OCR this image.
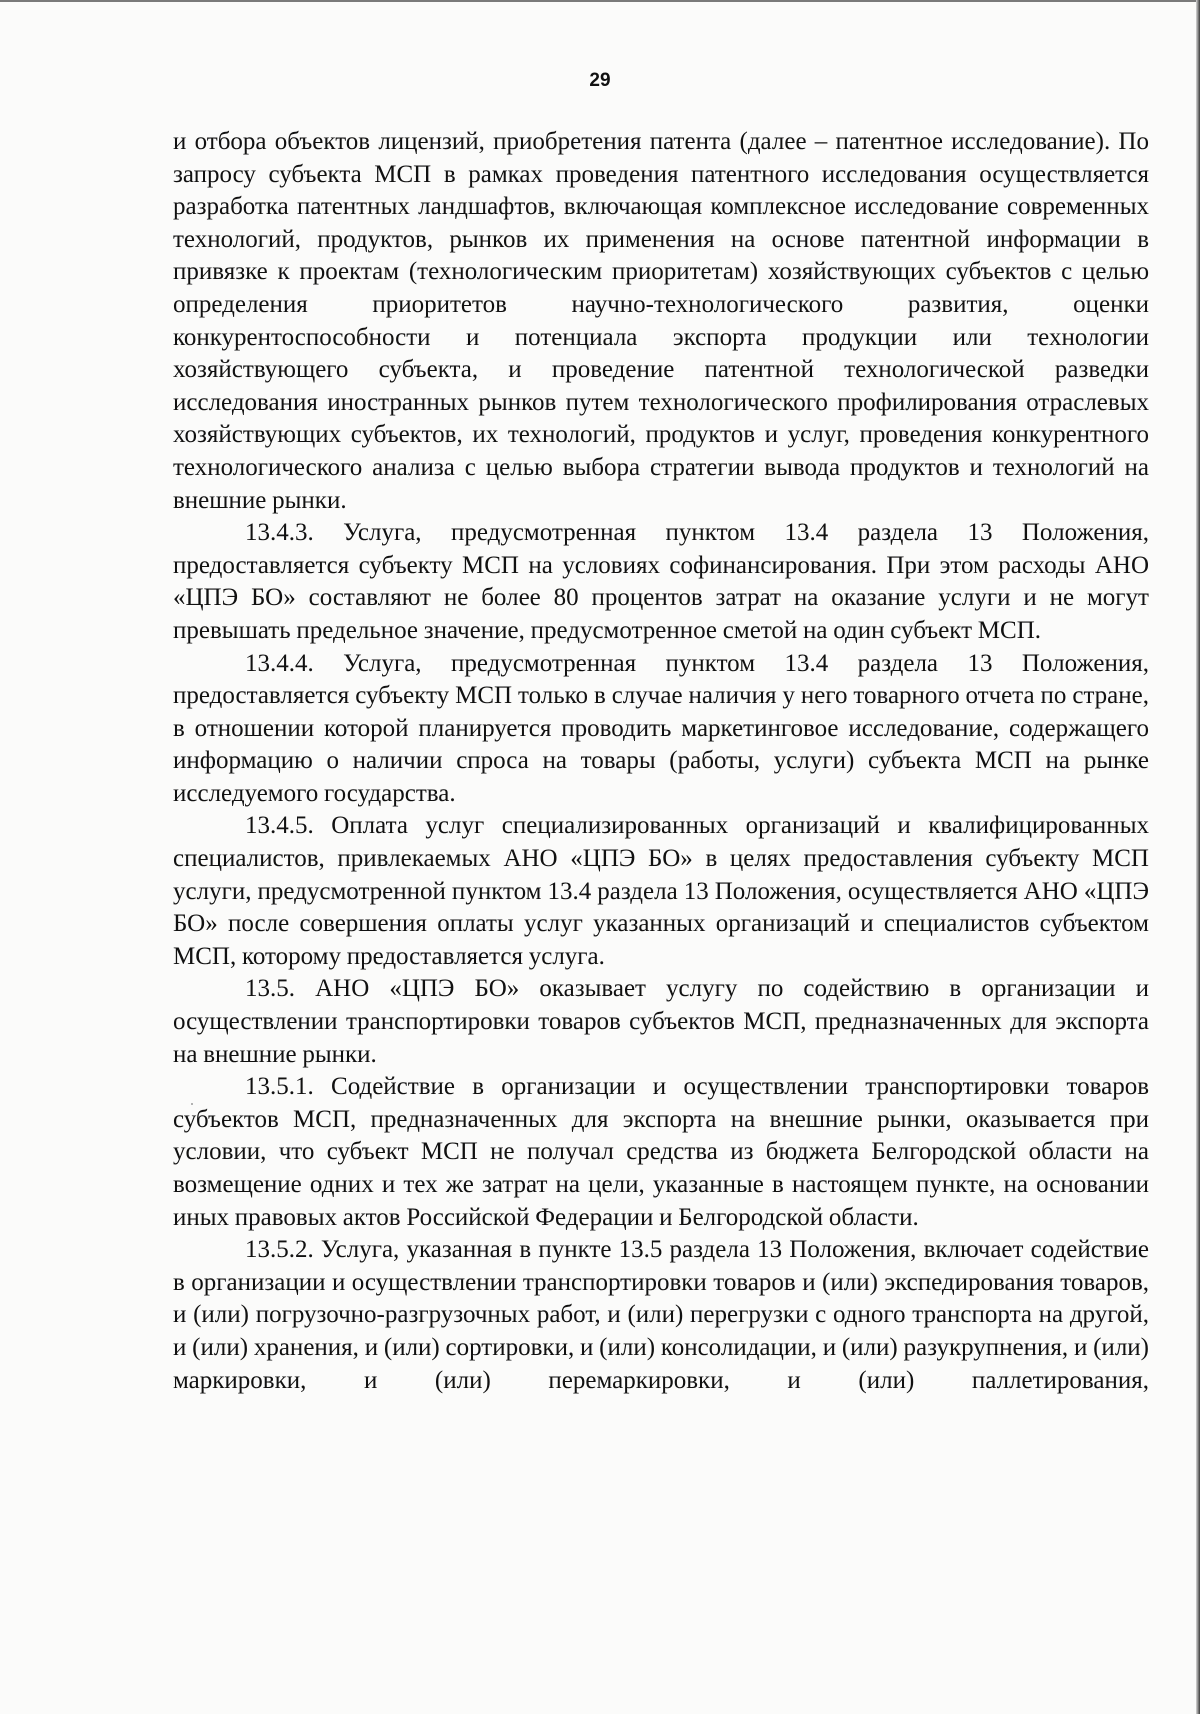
29

и отбора объектов лицензий, приобретения патента (далее – патентное исследование). По запросу субъекта МСП в рамках проведения патентного исследования осуществляется разработка патентных ландшафтов, включающая комплексное исследование современных технологий, продуктов, рынков их применения на основе патентной информации в привязке к проектам (технологическим приоритетам) хозяйствующих субъектов с целью определения приоритетов научно-технологического развития, оценки конкурентоспособности и потенциала экспорта продукции или технологии хозяйствующего субъекта, и проведение патентной технологической разведки исследования иностранных рынков путем технологического профилирования отраслевых хозяйствующих субъектов, их технологий, продуктов и услуг, проведения конкурентного технологического анализа с целью выбора стратегии вывода продуктов и технологий на внешние рынки.

13.4.3. Услуга, предусмотренная пунктом 13.4 раздела 13 Положения, предоставляется субъекту МСП на условиях софинансирования. При этом расходы АНО «ЦПЭ БО» составляют не более 80 процентов затрат на оказание услуги и не могут превышать предельное значение, предусмотренное сметой на один субъект МСП.

13.4.4. Услуга, предусмотренная пунктом 13.4 раздела 13 Положения, предоставляется субъекту МСП только в случае наличия у него товарного отчета по стране, в отношении которой планируется проводить маркетинговое исследование, содержащего информацию о наличии спроса на товары (работы, услуги) субъекта МСП на рынке исследуемого государства.

13.4.5. Оплата услуг специализированных организаций и квалифицированных специалистов, привлекаемых АНО «ЦПЭ БО» в целях предоставления субъекту МСП услуги, предусмотренной пунктом 13.4 раздела 13 Положения, осуществляется АНО «ЦПЭ БО» после совершения оплаты услуг указанных организаций и специалистов субъектом МСП, которому предоставляется услуга.

13.5. АНО «ЦПЭ БО» оказывает услугу по содействию в организации и осуществлении транспортировки товаров субъектов МСП, предназначенных для экспорта на внешние рынки.

13.5.1. Содействие в организации и осуществлении транспортировки товаров субъектов МСП, предназначенных для экспорта на внешние рынки, оказывается при условии, что субъект МСП не получал средства из бюджета Белгородской области на возмещение одних и тех же затрат на цели, указанные в настоящем пункте, на основании иных правовых актов Российской Федерации и Белгородской области.

13.5.2. Услуга, указанная в пункте 13.5 раздела 13 Положения, включает содействие в организации и осуществлении транспортировки товаров и (или) экспедирования товаров, и (или) погрузочно-разгрузочных работ, и (или) перегрузки с одного транспорта на другой, и (или) хранения, и (или) сортировки, и (или) консолидации, и (или) разукрупнения, и (или) маркировки, и (или) перемаркировки, и (или) паллетирования,
